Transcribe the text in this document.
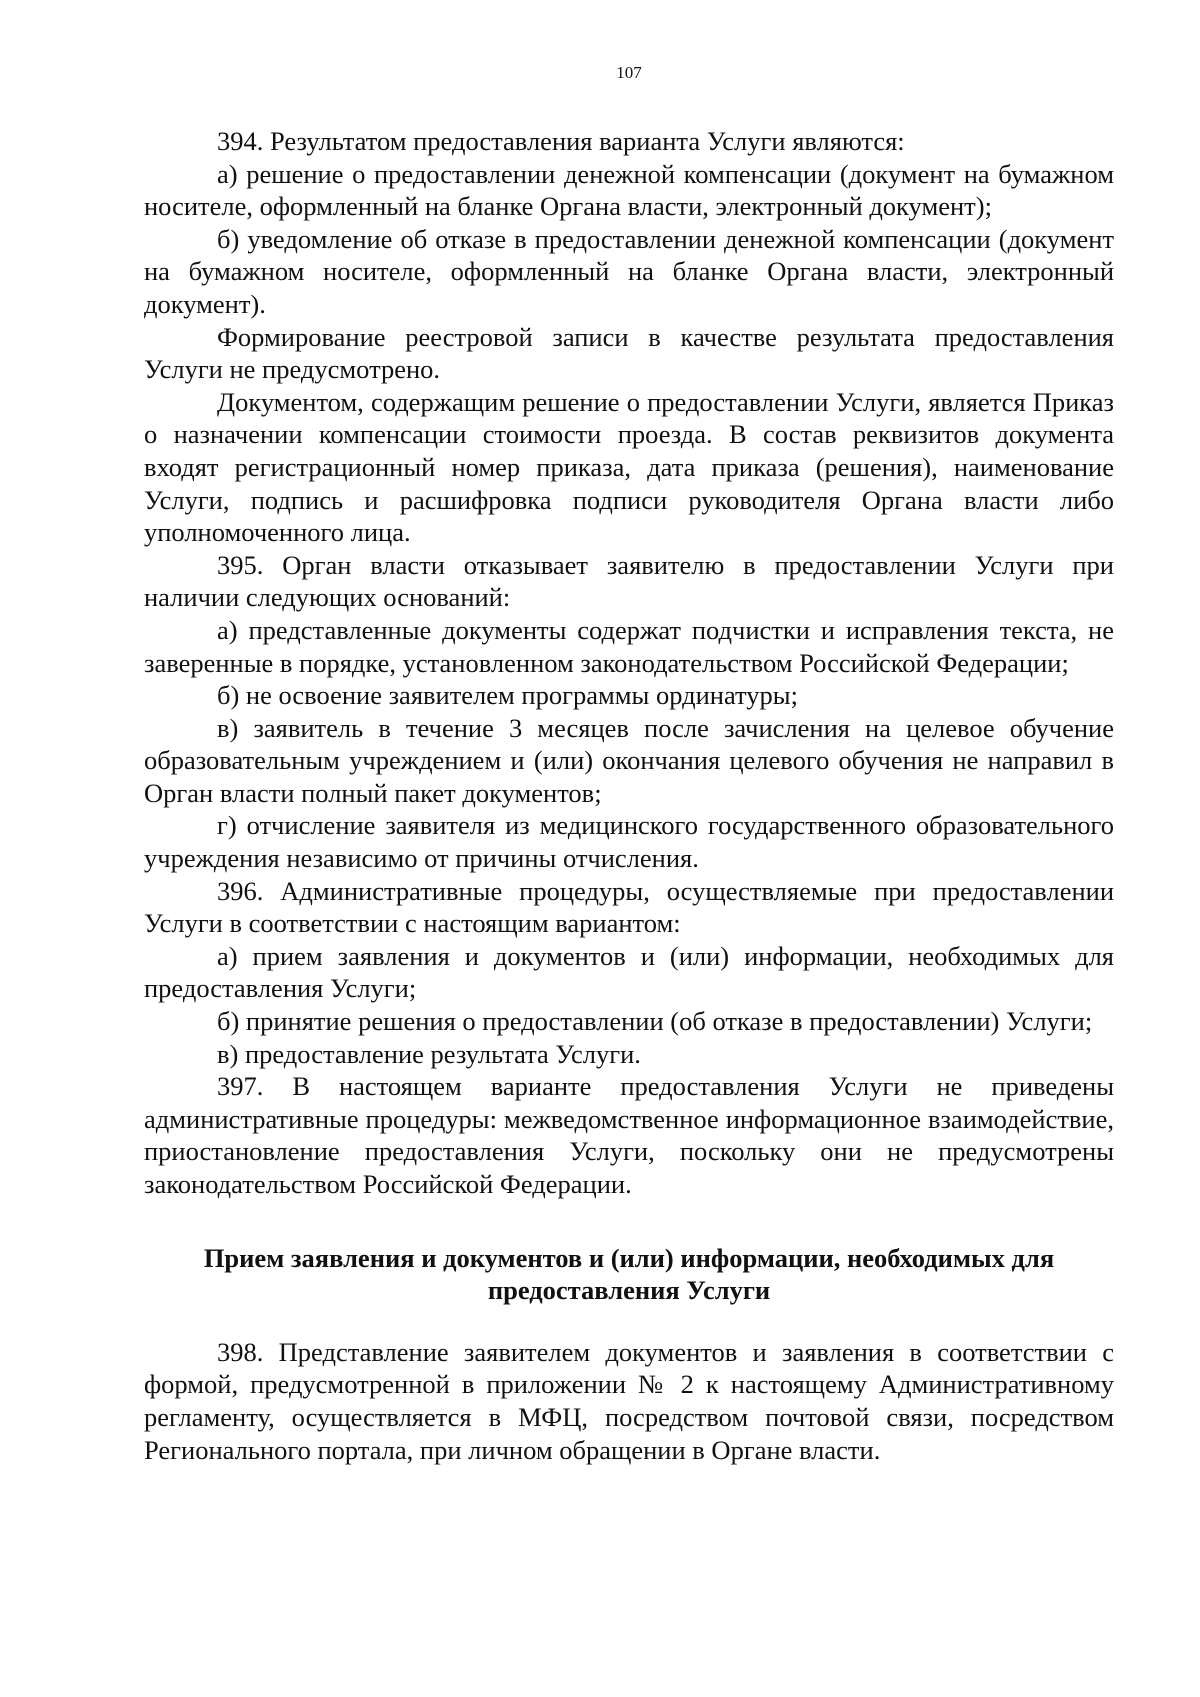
107

394. Результатом предоставления варианта Услуги являются:

а) решение о предоставлении денежной компенсации (документ на бумажном носителе, оформленный на бланке Органа власти, электронный документ);

б) уведомление об отказе в предоставлении денежной компенсации (документ на бумажном носителе, оформленный на бланке Органа власти, электронный документ).

Формирование реестровой записи в качестве результата предоставления Услуги не предусмотрено.

Документом, содержащим решение о предоставлении Услуги, является Приказ о назначении компенсации стоимости проезда. В состав реквизитов документа входят регистрационный номер приказа, дата приказа (решения), наименование Услуги, подпись и расшифровка подписи руководителя Органа власти либо уполномоченного лица.

395. Орган власти отказывает заявителю в предоставлении Услуги при наличии следующих оснований:

а) представленные документы содержат подчистки и исправления текста, не заверенные в порядке, установленном законодательством Российской Федерации;

б) не освоение заявителем программы ординатуры;

в) заявитель в течение 3 месяцев после зачисления на целевое обучение образовательным учреждением и (или) окончания целевого обучения не направил в Орган власти полный пакет документов;

г) отчисление заявителя из медицинского государственного образовательного учреждения независимо от причины отчисления.

396. Административные процедуры, осуществляемые при предоставлении Услуги в соответствии с настоящим вариантом:

а) прием заявления и документов и (или) информации, необходимых для предоставления Услуги;

б) принятие решения о предоставлении (об отказе в предоставлении) Услуги;

в) предоставление результата Услуги.

397. В настоящем варианте предоставления Услуги не приведены административные процедуры: межведомственное информационное взаимодействие, приостановление предоставления Услуги, поскольку они не предусмотрены законодательством Российской Федерации.

Прием заявления и документов и (или) информации, необходимых для
предоставления Услуги

398. Представление заявителем документов и заявления в соответствии с формой, предусмотренной в приложении № 2 к настоящему Административному регламенту, осуществляется в МФЦ, посредством почтовой связи, посредством Регионального портала, при личном обращении в Органе власти.
